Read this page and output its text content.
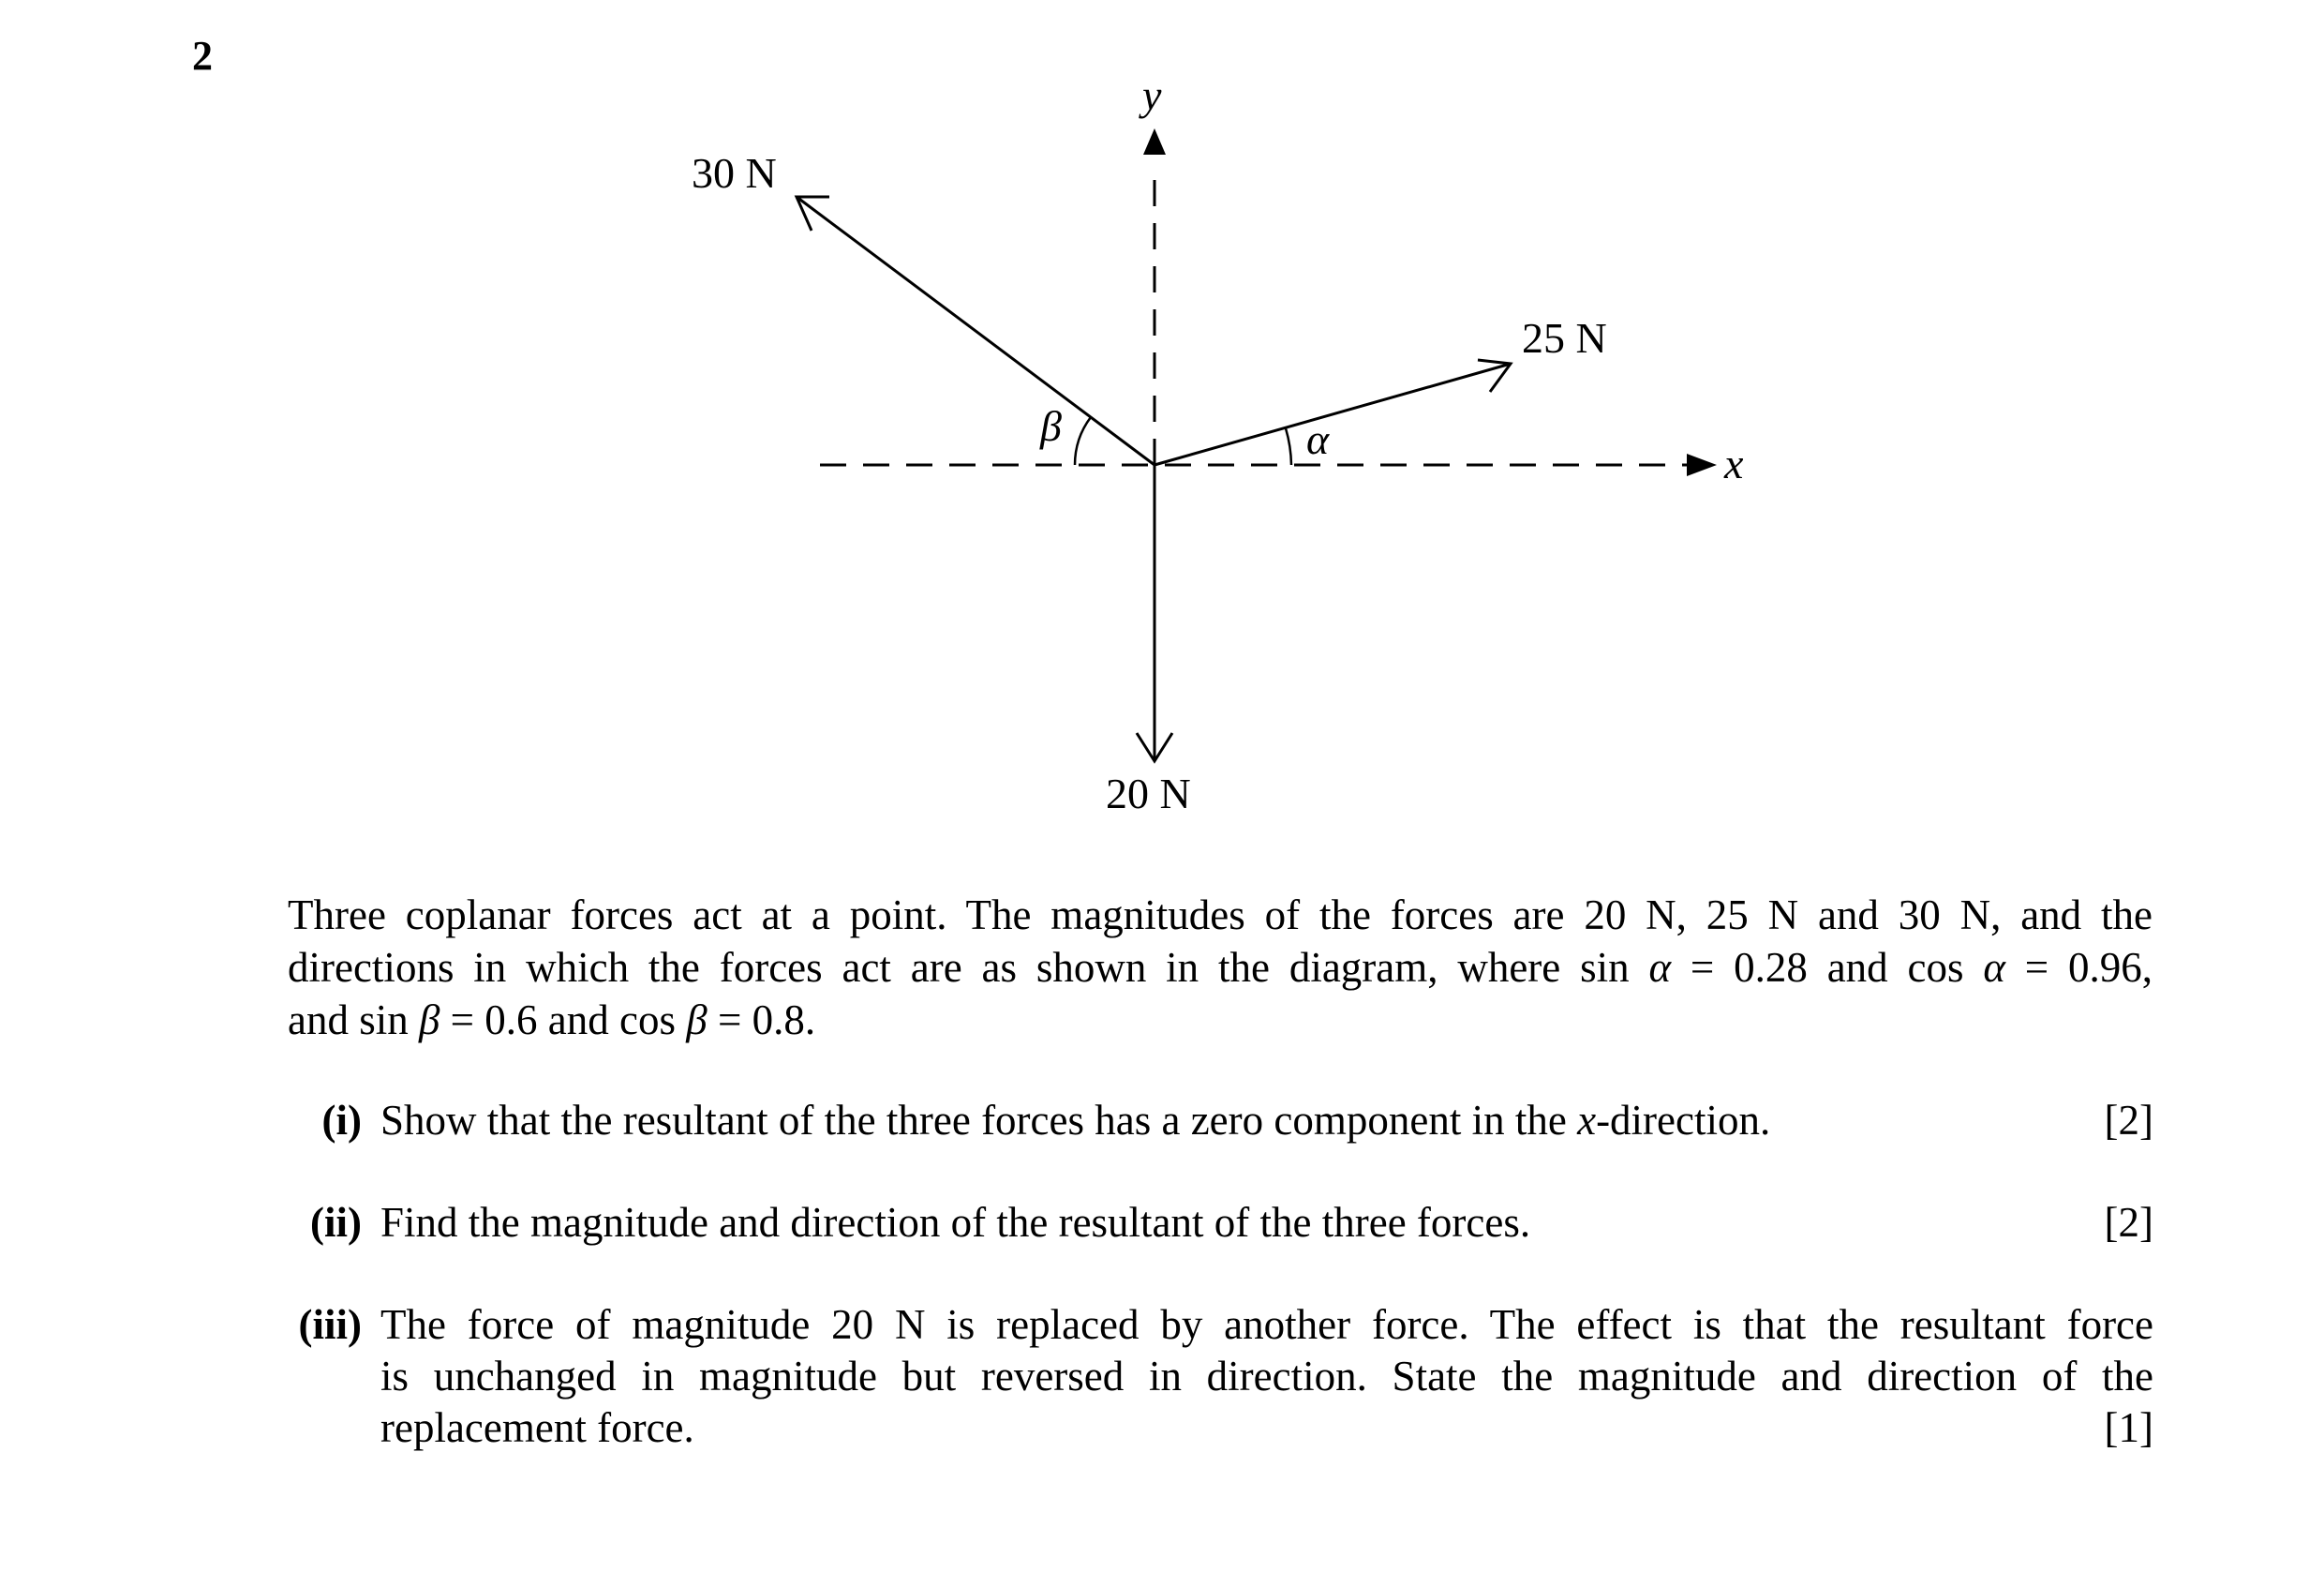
2
x
y
20 N
25 N
α
30 N
β
Three coplanar forces act at a point. The magnitudes of the forces are 20 N, 25 N and 30 N, and the
directions in which the forces act are as shown in the diagram, where sin α = 0.28 and cos α = 0.96,
and sin β = 0.6 and cos β = 0.8.
(i) Show that the resultant of the three forces has a zero component in the x-direction.	[2]
(ii) Find the magnitude and direction of the resultant of the three forces.	[2]
(iii) The force of magnitude 20 N is replaced by another force. The effect is that the resultant force
is unchanged in magnitude but reversed in direction. State the magnitude and direction of the
replacement force.	[1]
